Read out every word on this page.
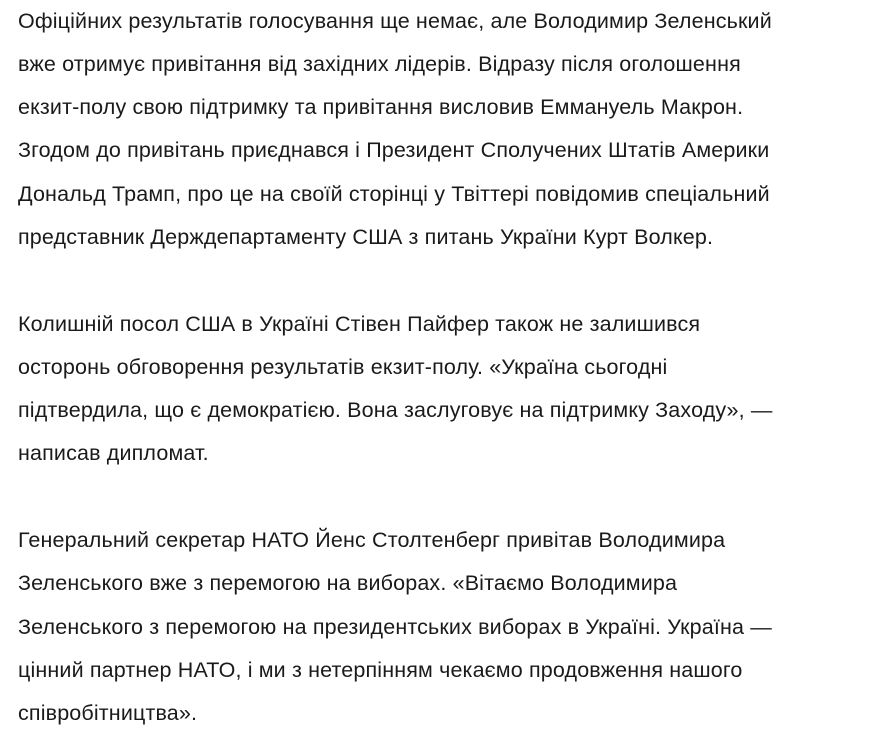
Офіційних результатів голосування ще немає, але Володимир Зеленський
вже отримує привітання від західних лідерів. Відразу після оголошення
екзит-полу свою підтримку та привітання висловив Еммануель Макрон.
Згодом до привітань приєднався і Президент Сполучених Штатів Америки
Дональд Трамп, про це на своїй сторінці у Твіттері повідомив спеціальний
представник Держдепартаменту США з питань України Курт Волкер.
Колишній посол США в Україні Стівен Пайфер також не залишився
осторонь обговорення результатів екзит-полу. «Україна сьогодні
підтвердила, що є демократією. Вона заслуговує на підтримку Заходу», —
написав дипломат.
Генеральний секретар НАТО Йенс Столтенберг привітав Володимира
Зеленського вже з перемогою на виборах. «Вітаємо Володимира
Зеленського з перемогою на президентських виборах в Україні. Україна —
цінний партнер НАТО, і ми з нетерпінням чекаємо продовження нашого
співробітництва».
